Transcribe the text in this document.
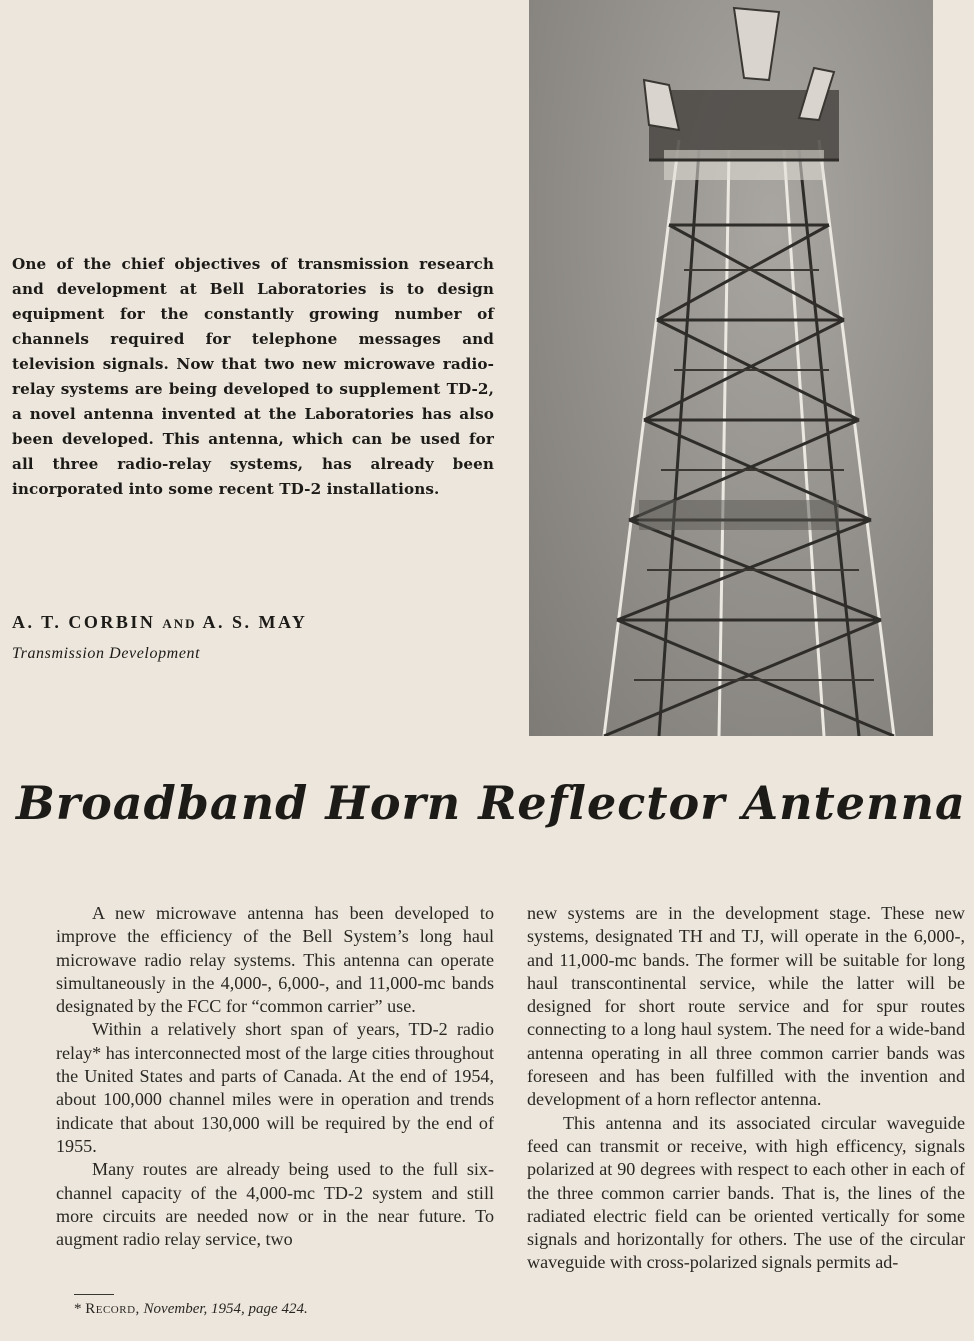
One of the chief objectives of transmission research and development at Bell Laboratories is to design equipment for the constantly growing number of channels required for telephone messages and television signals. Now that two new microwave radio-relay systems are being developed to supplement TD-2, a novel antenna invented at the Laboratories has also been developed. This antenna, which can be used for all three radio-relay systems, has already been incorporated into some recent TD-2 installations.
A. T. CORBIN AND A. S. MAY
Transmission Development
Broadband Horn Reflector Antenna

A new microwave antenna has been developed to improve the efficiency of the Bell System’s long haul microwave radio relay systems. This antenna can operate simultaneously in the 4,000-, 6,000-, and 11,000-mc bands designated by the FCC for “common carrier” use.

Within a relatively short span of years, TD-2 radio relay* has interconnected most of the large cities throughout the United States and parts of Canada. At the end of 1954, about 100,000 channel miles were in operation and trends indicate that about 130,000 will be required by the end of 1955.

Many routes are already being used to the full six-channel capacity of the 4,000-mc TD-2 system and still more circuits are needed now or in the near future. To augment radio relay service, two

new systems are in the development stage. These new systems, designated TH and TJ, will operate in the 6,000-, and 11,000-mc bands. The former will be suitable for long haul transcontinental service, while the latter will be designed for short route service and for spur routes connecting to a long haul system. The need for a wide-band antenna operating in all three common carrier bands was foreseen and has been fulfilled with the invention and development of a horn reflector antenna.

This antenna and its associated circular waveguide feed can transmit or receive, with high efficency, signals polarized at 90 degrees with respect to each other in each of the three common carrier bands. That is, the lines of the radiated electric field can be oriented vertically for some signals and horizontally for others. The use of the circular waveguide with cross-polarized signals permits ad-

* Record, November, 1954, page 424.
